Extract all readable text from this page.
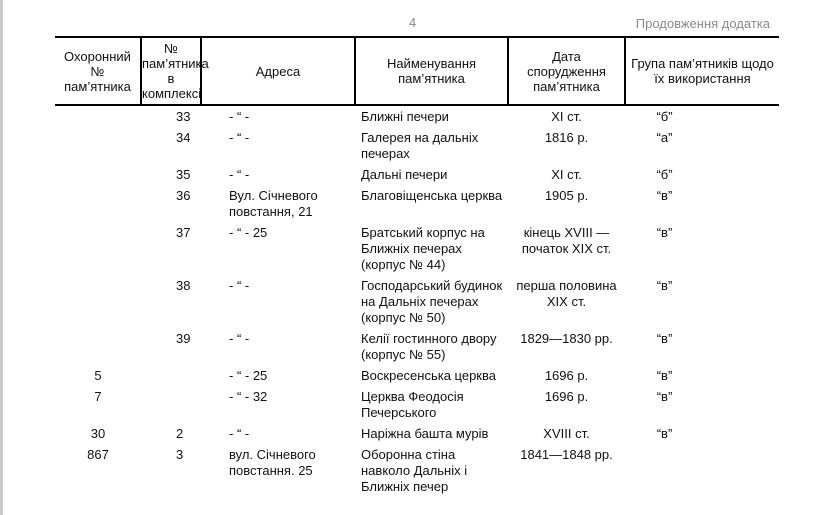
4	Продовження додатка
Охоронний № пам’ятника	№ пам’ятника в комплексі	Адреса	Найменування пам’ятника	Дата спорудження пам’ятника	Група пам’ятників щодо їх використання
	33	- “ -	Ближні печери	XI ст.	“б”
	34	- “ -	Галерея на дальніх печерах	1816 р.	“а”
	35	- “ -	Дальні печери	XI ст.	“б”
	36	Вул. Січневого повстання, 21	Благовіщенська церква	1905 р.	“в”
	37	- “ - 25	Братський корпус на Ближніх печерах (корпус № 44)	кінець XVIII — початок XIX ст.	“в”
	38	- “ -	Господарський будинок на Дальніх печерах (корпус № 50)	перша половина XIX ст.	“в”
	39	- “ -	Келії гостинного двору (корпус № 55)	1829—1830 рр.	“в”
5		- “ - 25	Воскресенська церква	1696 р.	“в”
7		- “ - 32	Церква Феодосія Печерського	1696 р.	“в”
30	2	- “ -	Наріжна башта мурів	XVIII ст.	“в”
867	3	вул. Січневого повстання. 25	Оборонна стіна навколо Дальніх і Ближніх печер	1841—1848 рр.	
